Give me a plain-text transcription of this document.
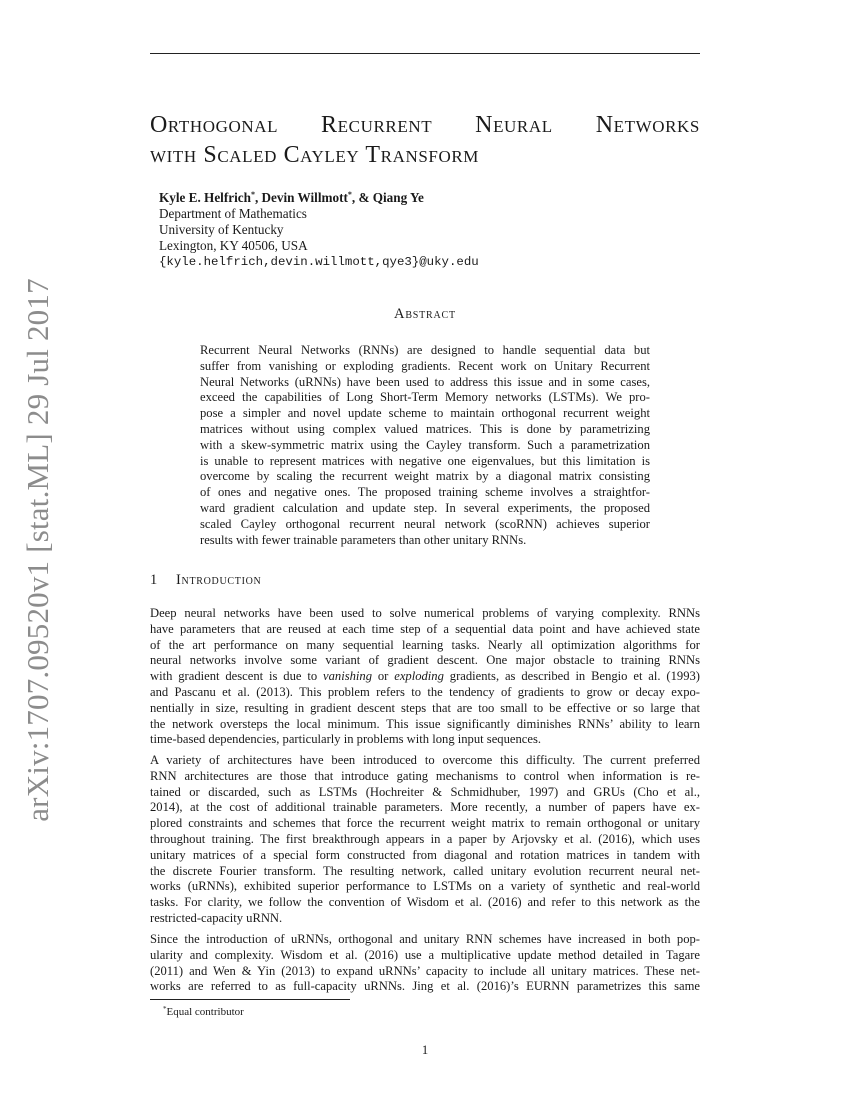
arXiv:1707.09520v1 [stat.ML] 29 Jul 2017
Orthogonal Recurrent Neural Networks
with Scaled Cayley Transform
Kyle E. Helfrich*, Devin Willmott*, & Qiang Ye
Department of Mathematics
University of Kentucky
Lexington, KY 40506, USA
{kyle.helfrich,devin.willmott,qye3}@uky.edu
Abstract
Recurrent Neural Networks (RNNs) are designed to handle sequential data but
suffer from vanishing or exploding gradients. Recent work on Unitary Recurrent
Neural Networks (uRNNs) have been used to address this issue and in some cases,
exceed the capabilities of Long Short-Term Memory networks (LSTMs). We pro-
pose a simpler and novel update scheme to maintain orthogonal recurrent weight
matrices without using complex valued matrices. This is done by parametrizing
with a skew-symmetric matrix using the Cayley transform. Such a parametrization
is unable to represent matrices with negative one eigenvalues, but this limitation is
overcome by scaling the recurrent weight matrix by a diagonal matrix consisting
of ones and negative ones. The proposed training scheme involves a straightfor-
ward gradient calculation and update step. In several experiments, the proposed
scaled Cayley orthogonal recurrent neural network (scoRNN) achieves superior
results with fewer trainable parameters than other unitary RNNs.
1 Introduction
Deep neural networks have been used to solve numerical problems of varying complexity. RNNs
have parameters that are reused at each time step of a sequential data point and have achieved state
of the art performance on many sequential learning tasks. Nearly all optimization algorithms for
neural networks involve some variant of gradient descent. One major obstacle to training RNNs
with gradient descent is due to vanishing or exploding gradients, as described in Bengio et al. (1993)
and Pascanu et al. (2013). This problem refers to the tendency of gradients to grow or decay expo-
nentially in size, resulting in gradient descent steps that are too small to be effective or so large that
the network oversteps the local minimum. This issue significantly diminishes RNNs’ ability to learn
time-based dependencies, particularly in problems with long input sequences.
A variety of architectures have been introduced to overcome this difficulty. The current preferred
RNN architectures are those that introduce gating mechanisms to control when information is re-
tained or discarded, such as LSTMs (Hochreiter & Schmidhuber, 1997) and GRUs (Cho et al.,
2014), at the cost of additional trainable parameters. More recently, a number of papers have ex-
plored constraints and schemes that force the recurrent weight matrix to remain orthogonal or unitary
throughout training. The first breakthrough appears in a paper by Arjovsky et al. (2016), which uses
unitary matrices of a special form constructed from diagonal and rotation matrices in tandem with
the discrete Fourier transform. The resulting network, called unitary evolution recurrent neural net-
works (uRNNs), exhibited superior performance to LSTMs on a variety of synthetic and real-world
tasks. For clarity, we follow the convention of Wisdom et al. (2016) and refer to this network as the
restricted-capacity uRNN.
Since the introduction of uRNNs, orthogonal and unitary RNN schemes have increased in both pop-
ularity and complexity. Wisdom et al. (2016) use a multiplicative update method detailed in Tagare
(2011) and Wen & Yin (2013) to expand uRNNs’ capacity to include all unitary matrices. These net-
works are referred to as full-capacity uRNNs. Jing et al. (2016)’s EURNN parametrizes this same
*Equal contributor
1
